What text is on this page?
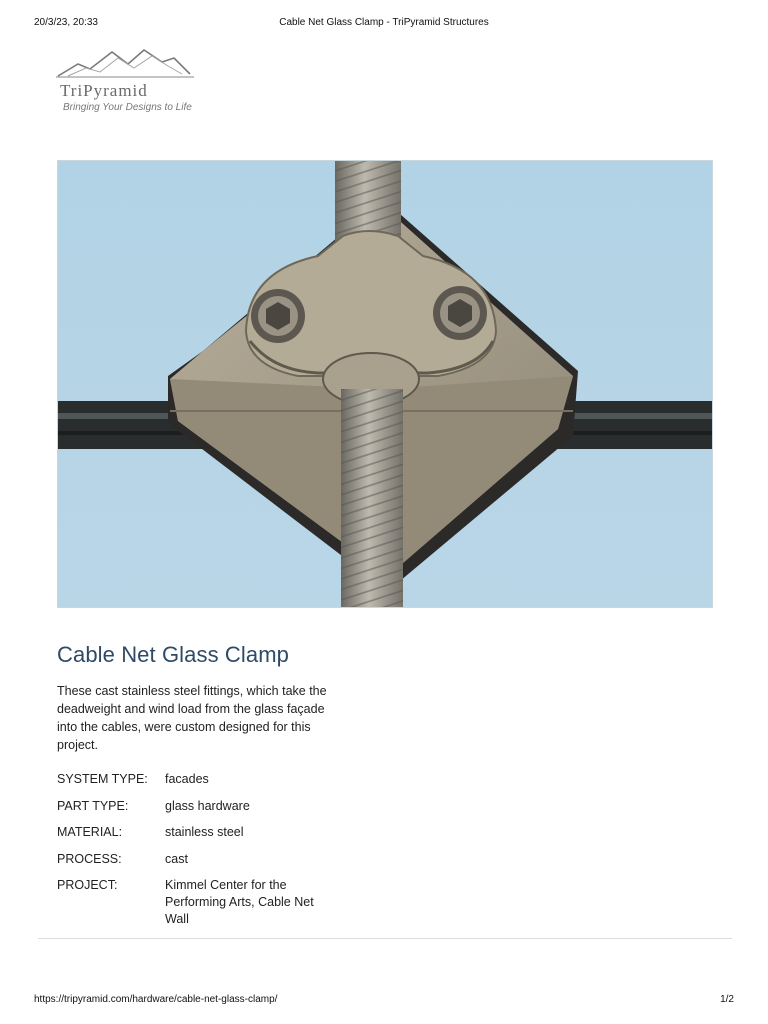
20/3/23, 20:33	Cable Net Glass Clamp - TriPyramid Structures
TriPyramid
Bringing Your Designs to Life
Cable Net Glass Clamp

These cast stainless steel fittings, which take the deadweight and wind load from the glass façade into the cables, were custom designed for this project.

SYSTEM TYPE: facades
PART TYPE:	glass hardware
MATERIAL:	stainless steel
PROCESS:	cast
PROJECT:	Kimmel Center for the Performing Arts, Cable Net Wall
https://tripyramid.com/hardware/cable-net-glass-clamp/	1/2
